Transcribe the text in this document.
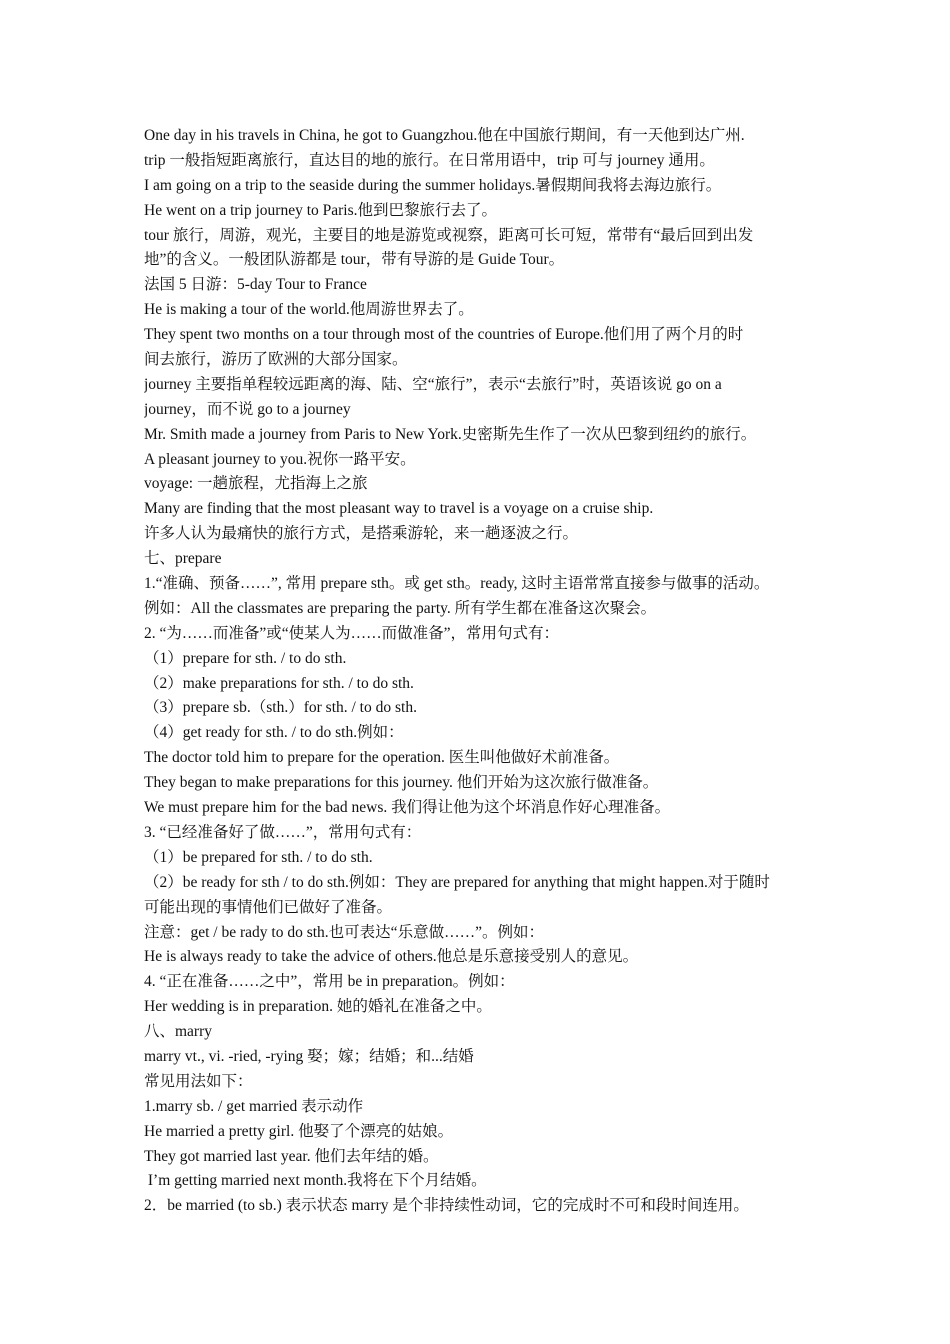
One day in his travels in China, he got to Guangzhou.他在中国旅行期间，有一天他到达广州.
trip 一般指短距离旅行，直达目的地的旅行。在日常用语中，trip 可与 journey 通用。
I am going on a trip to the seaside during the summer holidays.暑假期间我将去海边旅行。
He went on a trip journey to Paris.他到巴黎旅行去了。
tour 旅行，周游，观光，主要目的地是游览或视察，距离可长可短，常带有“最后回到出发
地”的含义。一般团队游都是 tour，带有导游的是 Guide Tour。
法国 5 日游：5-day Tour to France
He is making a tour of the world.他周游世界去了。
They spent two months on a tour through most of the countries of Europe.他们用了两个月的时
间去旅行，游历了欧洲的大部分国家。
journey 主要指单程较远距离的海、陆、空“旅行”，表示“去旅行”时，英语该说 go on a
journey，而不说 go to a journey
Mr. Smith made a journey from Paris to New York.史密斯先生作了一次从巴黎到纽约的旅行。
A pleasant journey to you.祝你一路平安。
voyage: 一趟旅程，尤指海上之旅
Many are finding that the most pleasant way to travel is a voyage on a cruise ship.
许多人认为最痛快的旅行方式，是搭乘游轮，来一趟逐波之行。
七、prepare
1.“准确、预备……”, 常用 prepare sth。或 get sth。ready, 这时主语常常直接参与做事的活动。
例如：All the classmates are preparing the party. 所有学生都在准备这次聚会。
2. “为……而准备”或“使某人为……而做准备”，常用句式有：
（1）prepare for sth. / to do sth.
（2）make preparations for sth. / to do sth.
（3）prepare sb.（sth.）for sth. / to do sth.
（4）get ready for sth. / to do sth.例如：
The doctor told him to prepare for the operation. 医生叫他做好术前准备。
They began to make preparations for this journey. 他们开始为这次旅行做准备。
We must prepare him for the bad news. 我们得让他为这个坏消息作好心理准备。
3. “已经准备好了做……”，常用句式有：
（1）be prepared for sth. / to do sth.
（2）be ready for sth / to do sth.例如：They are prepared for anything that might happen.对于随时
可能出现的事情他们已做好了准备。
注意：get / be rady to do sth.也可表达“乐意做……”。例如：
He is always ready to take the advice of others.他总是乐意接受别人的意见。
4. “正在准备……之中”，常用 be in preparation。例如：
Her wedding is in preparation. 她的婚礼在准备之中。
八、marry
marry vt., vi. -ried, -rying 娶；嫁；结婚；和...结婚
常见用法如下：
1.marry sb. / get married 表示动作
He married a pretty girl. 他娶了个漂亮的姑娘。
They got married last year. 他们去年结的婚。
I’m getting married next month.我将在下个月结婚。
2．be married (to sb.) 表示状态 marry 是个非持续性动词，它的完成时不可和段时间连用。
